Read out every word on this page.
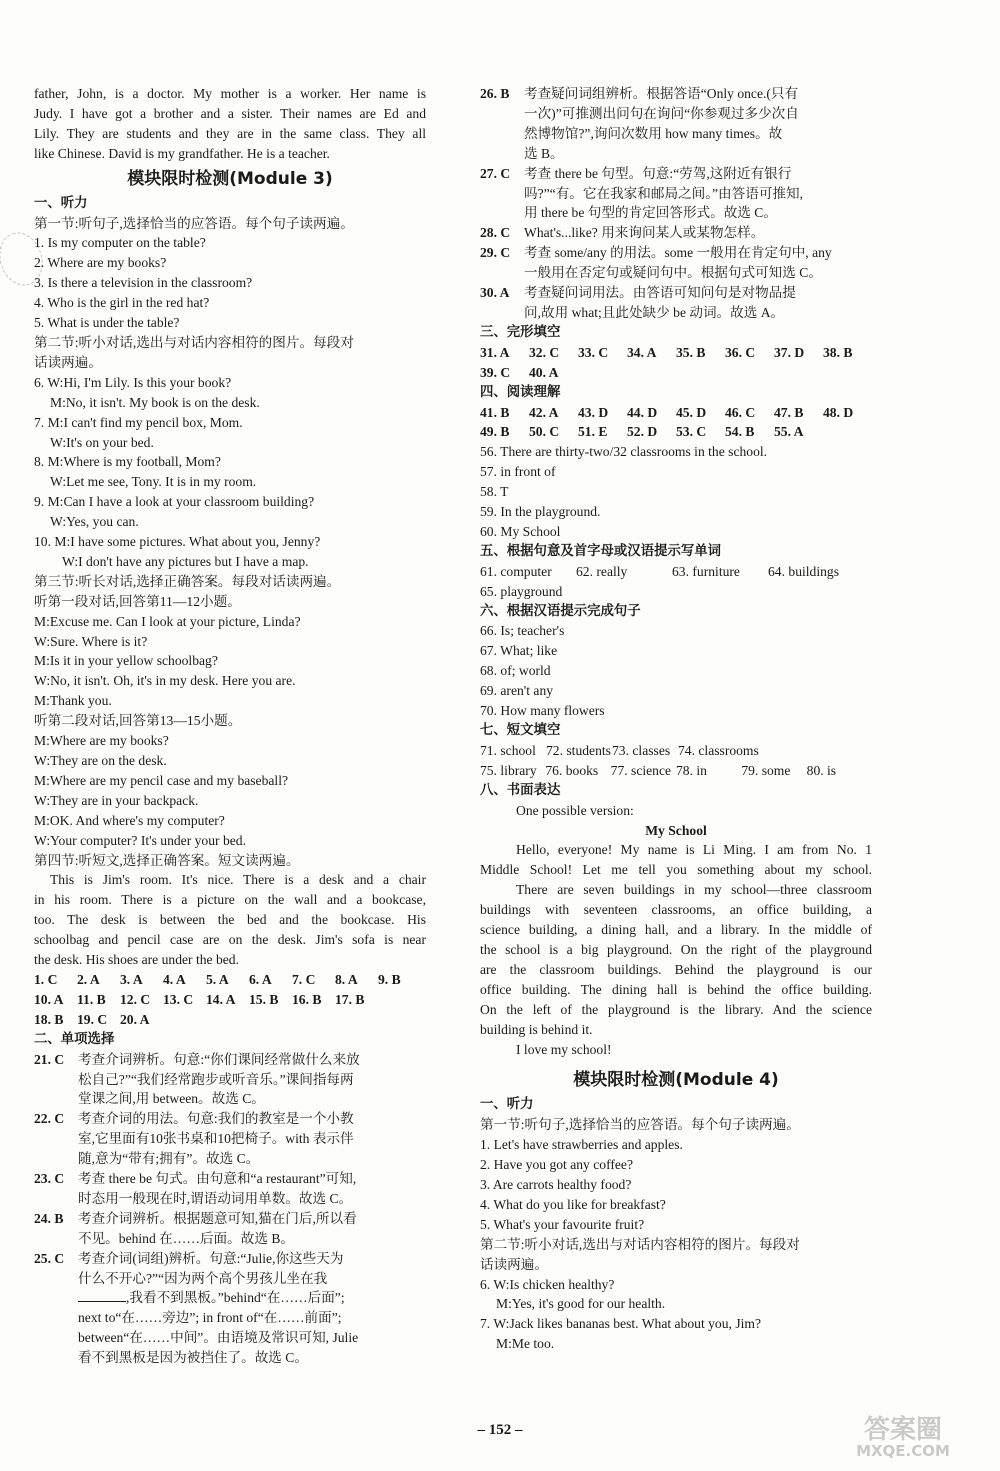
father, John, is a doctor. My mother is a worker. Her name is
Judy. I have got a brother and a sister. Their names are Ed and
Lily. They are students and they are in the same class. They all
like Chinese. David is my grandfather. He is a teacher.
模块限时检测(Module 3)
一、听力
第一节:听句子,选择恰当的应答语。每个句子读两遍。
1. Is my computer on the table?
2. Where are my books?
3. Is there a television in the classroom?
4. Who is the girl in the red hat?
5. What is under the table?
第二节:听小对话,选出与对话内容相符的图片。每段对
话读两遍。
6. W:Hi, I'm Lily. Is this your book?
M:No, it isn't. My book is on the desk.
7. M:I can't find my pencil box, Mom.
W:It's on your bed.
8. M:Where is my football, Mom?
W:Let me see, Tony. It is in my room.
9. M:Can I have a look at your classroom building?
W:Yes, you can.
10. M:I have some pictures. What about you, Jenny?
W:I don't have any pictures but I have a map.
第三节:听长对话,选择正确答案。每段对话读两遍。
听第一段对话,回答第11—12小题。
M:Excuse me. Can I look at your picture, Linda?
W:Sure. Where is it?
M:Is it in your yellow schoolbag?
W:No, it isn't. Oh, it's in my desk. Here you are.
M:Thank you.
听第二段对话,回答第13—15小题。
M:Where are my books?
W:They are on the desk.
M:Where are my pencil case and my baseball?
W:They are in your backpack.
M:OK. And where's my computer?
W:Your computer? It's under your bed.
第四节:听短文,选择正确答案。短文读两遍。
This is Jim's room. It's nice. There is a desk and a chair
in his room. There is a picture on the wall and a bookcase,
too. The desk is between the bed and the bookcase. His
schoolbag and pencil case are on the desk. Jim's sofa is near
the desk. His shoes are under the bed.
1. C	2. A	3. A	4. A	5. A	6. A	7. C	8. A	9. B
10. A 11. B	12. C 13. C 14. A 15. B 16. B 17. B
18. B 19. C 20. A
二、单项选择
21. C	考查介词辨析。句意:“你们课间经常做什么来放
松自己?”“我们经常跑步或听音乐。”课间指每两
堂课之间,用 between。故选 C。
22. C	考查介词的用法。句意:我们的教室是一个小教
室,它里面有10张书桌和10把椅子。with 表示伴
随,意为“带有;拥有”。故选 C。
23. C	考查 there be 句式。由句意和“a restaurant”可知,
时态用一般现在时,谓语动词用单数。故选 C。
24. B	考查介词辨析。根据题意可知,猫在门后,所以看
不见。behind 在……后面。故选 B。
25. C	考查介词(词组)辨析。句意:“Julie,你这些天为
什么不开心?”“因为两个高个男孩儿坐在我
,我看不到黑板。”behind“在……后面”;
next to“在……旁边”; in front of“在……前面”;
between“在……中间”。由语境及常识可知, Julie
看不到黑板是因为被挡住了。故选 C。
26. B	考查疑问词组辨析。根据答语“Only once.(只有
一次)”可推测出问句在询问“你参观过多少次自
然博物馆?”,询问次数用 how many times。故
选 B。
27. C	考查 there be 句型。句意:“劳驾,这附近有银行
吗?”“有。它在我家和邮局之间。”由答语可推知,
用 there be 句型的肯定回答形式。故选 C。
28. C	What's...like? 用来询问某人或某物怎样。
29. C	考查 some/any 的用法。some 一般用在肯定句中, any
一般用在否定句或疑问句中。根据句式可知选 C。
30. A	考查疑问词用法。由答语可知问句是对物品提
问,故用 what;且此处缺少 be 动词。故选 A。
三、完形填空
31. A	32. C	33. C	34. A	35. B	36. C	37. D	38. B
39. C	40. A
四、阅读理解
41. B	42. A	43. D	44. D	45. D	46. C	47. B	48. D
49. B	50. C	51. E	52. D	53. C	54. B	55. A
56. There are thirty-two/32 classrooms in the school.
57. in front of
58. T
59. In the playground.
60. My School
五、根据句意及首字母或汉语提示写单词
61. computer	62. really	63. furniture	64. buildings
65. playground
六、根据汉语提示完成句子
66. Is; teacher's
67. What; like
68. of; world
69. aren't any
70. How many flowers
七、短文填空
71. school 72. students 73. classes 74. classrooms
75. library 76. books 77. science 78. in	79. some	80. is
八、书面表达
One possible version:
My School
Hello, everyone! My name is Li Ming. I am from No. 1
Middle School! Let me tell you something about my school.
There are seven buildings in my school—three classroom
buildings with seventeen classrooms, an office building, a
science building, a dining hall, and a library. In the middle of
the school is a big playground. On the right of the playground
are the classroom buildings. Behind the playground is our
office building. The dining hall is behind the office building.
On the left of the playground is the library. And the science
building is behind it.
I love my school!
模块限时检测(Module 4)
一、听力
第一节:听句子,选择恰当的应答语。每个句子读两遍。
1. Let's have strawberries and apples.
2. Have you got any coffee?
3. Are carrots healthy food?
4. What do you like for breakfast?
5. What's your favourite fruit?
第二节:听小对话,选出与对话内容相符的图片。每段对
话读两遍。
6. W:Is chicken healthy?
M:Yes, it's good for our health.
7. W:Jack likes bananas best. What about you, Jim?
M:Me too.
– 152 –	答案圈
MXQE.COM
